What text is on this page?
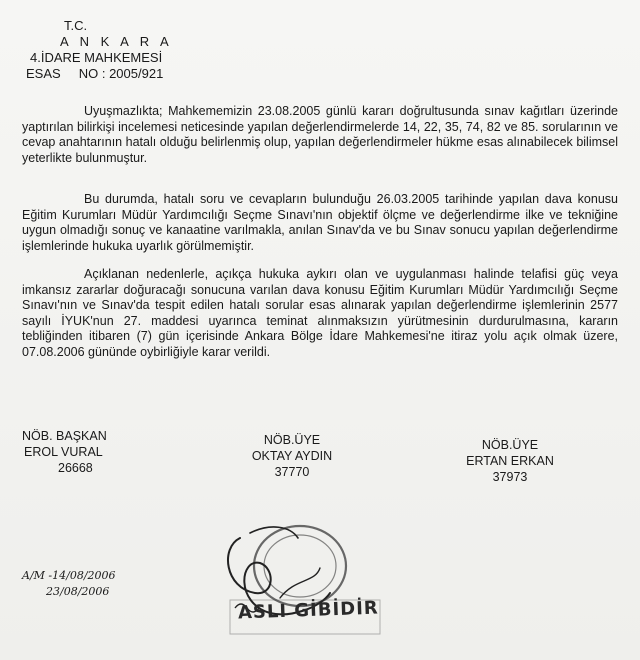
T.C.
A N K A R A
4.İDARE MAHKEMESİ
ESAS     NO : 2005/921

Uyuşmazlıkta; Mahkememizin 23.08.2005 günlü kararı doğrultusunda sınav kağıtları üzerinde yaptırılan bilirkişi incelemesi neticesinde yapılan değerlendirmelerde 14, 22, 35, 74, 82 ve 85. sorularının ve cevap anahtarının hatalı olduğu belirlenmiş olup, yapılan değerlendirmeler hükme esas alınabilecek bilimsel yeterlikte bulunmuştur.

Bu durumda, hatalı soru ve cevapların bulunduğu 26.03.2005 tarihinde yapılan dava konusu Eğitim Kurumları Müdür Yardımcılığı Seçme Sınavı'nın objektif ölçme ve değerlendirme ilke ve tekniğine uygun olmadığı sonuç ve kanaatine varılmakla, anılan Sınav'da ve bu Sınav sonucu yapılan değerlendirme işlemlerinde hukuka uyarlık görülmemiştir.

Açıklanan nedenlerle, açıkça hukuka aykırı olan ve uygulanması halinde telafisi güç veya imkansız zararlar doğuracağı sonucuna varılan dava konusu Eğitim Kurumları Müdür Yardımcılığı Seçme Sınavı'nın ve Sınav'da tespit edilen hatalı sorular esas alınarak yapılan değerlendirme işlemlerinin 2577 sayılı İYUK'nun 27. maddesi uyarınca teminat alınmaksızın yürütmesinin durdurulmasına, kararın tebliğinden itibaren (7) gün içerisinde Ankara Bölge İdare Mahkemesi'ne itiraz yolu açık olmak üzere, 07.08.2006 gününde oybirliğiyle karar verildi.

NÖB. BAŞKAN
EROL VURAL
26668
NÖB.ÜYE
OKTAY AYDIN
37770
NÖB.ÜYE
ERTAN ERKAN
37973
A/M -14/08/2006
23/08/2006
ASLI GİBİDİR
